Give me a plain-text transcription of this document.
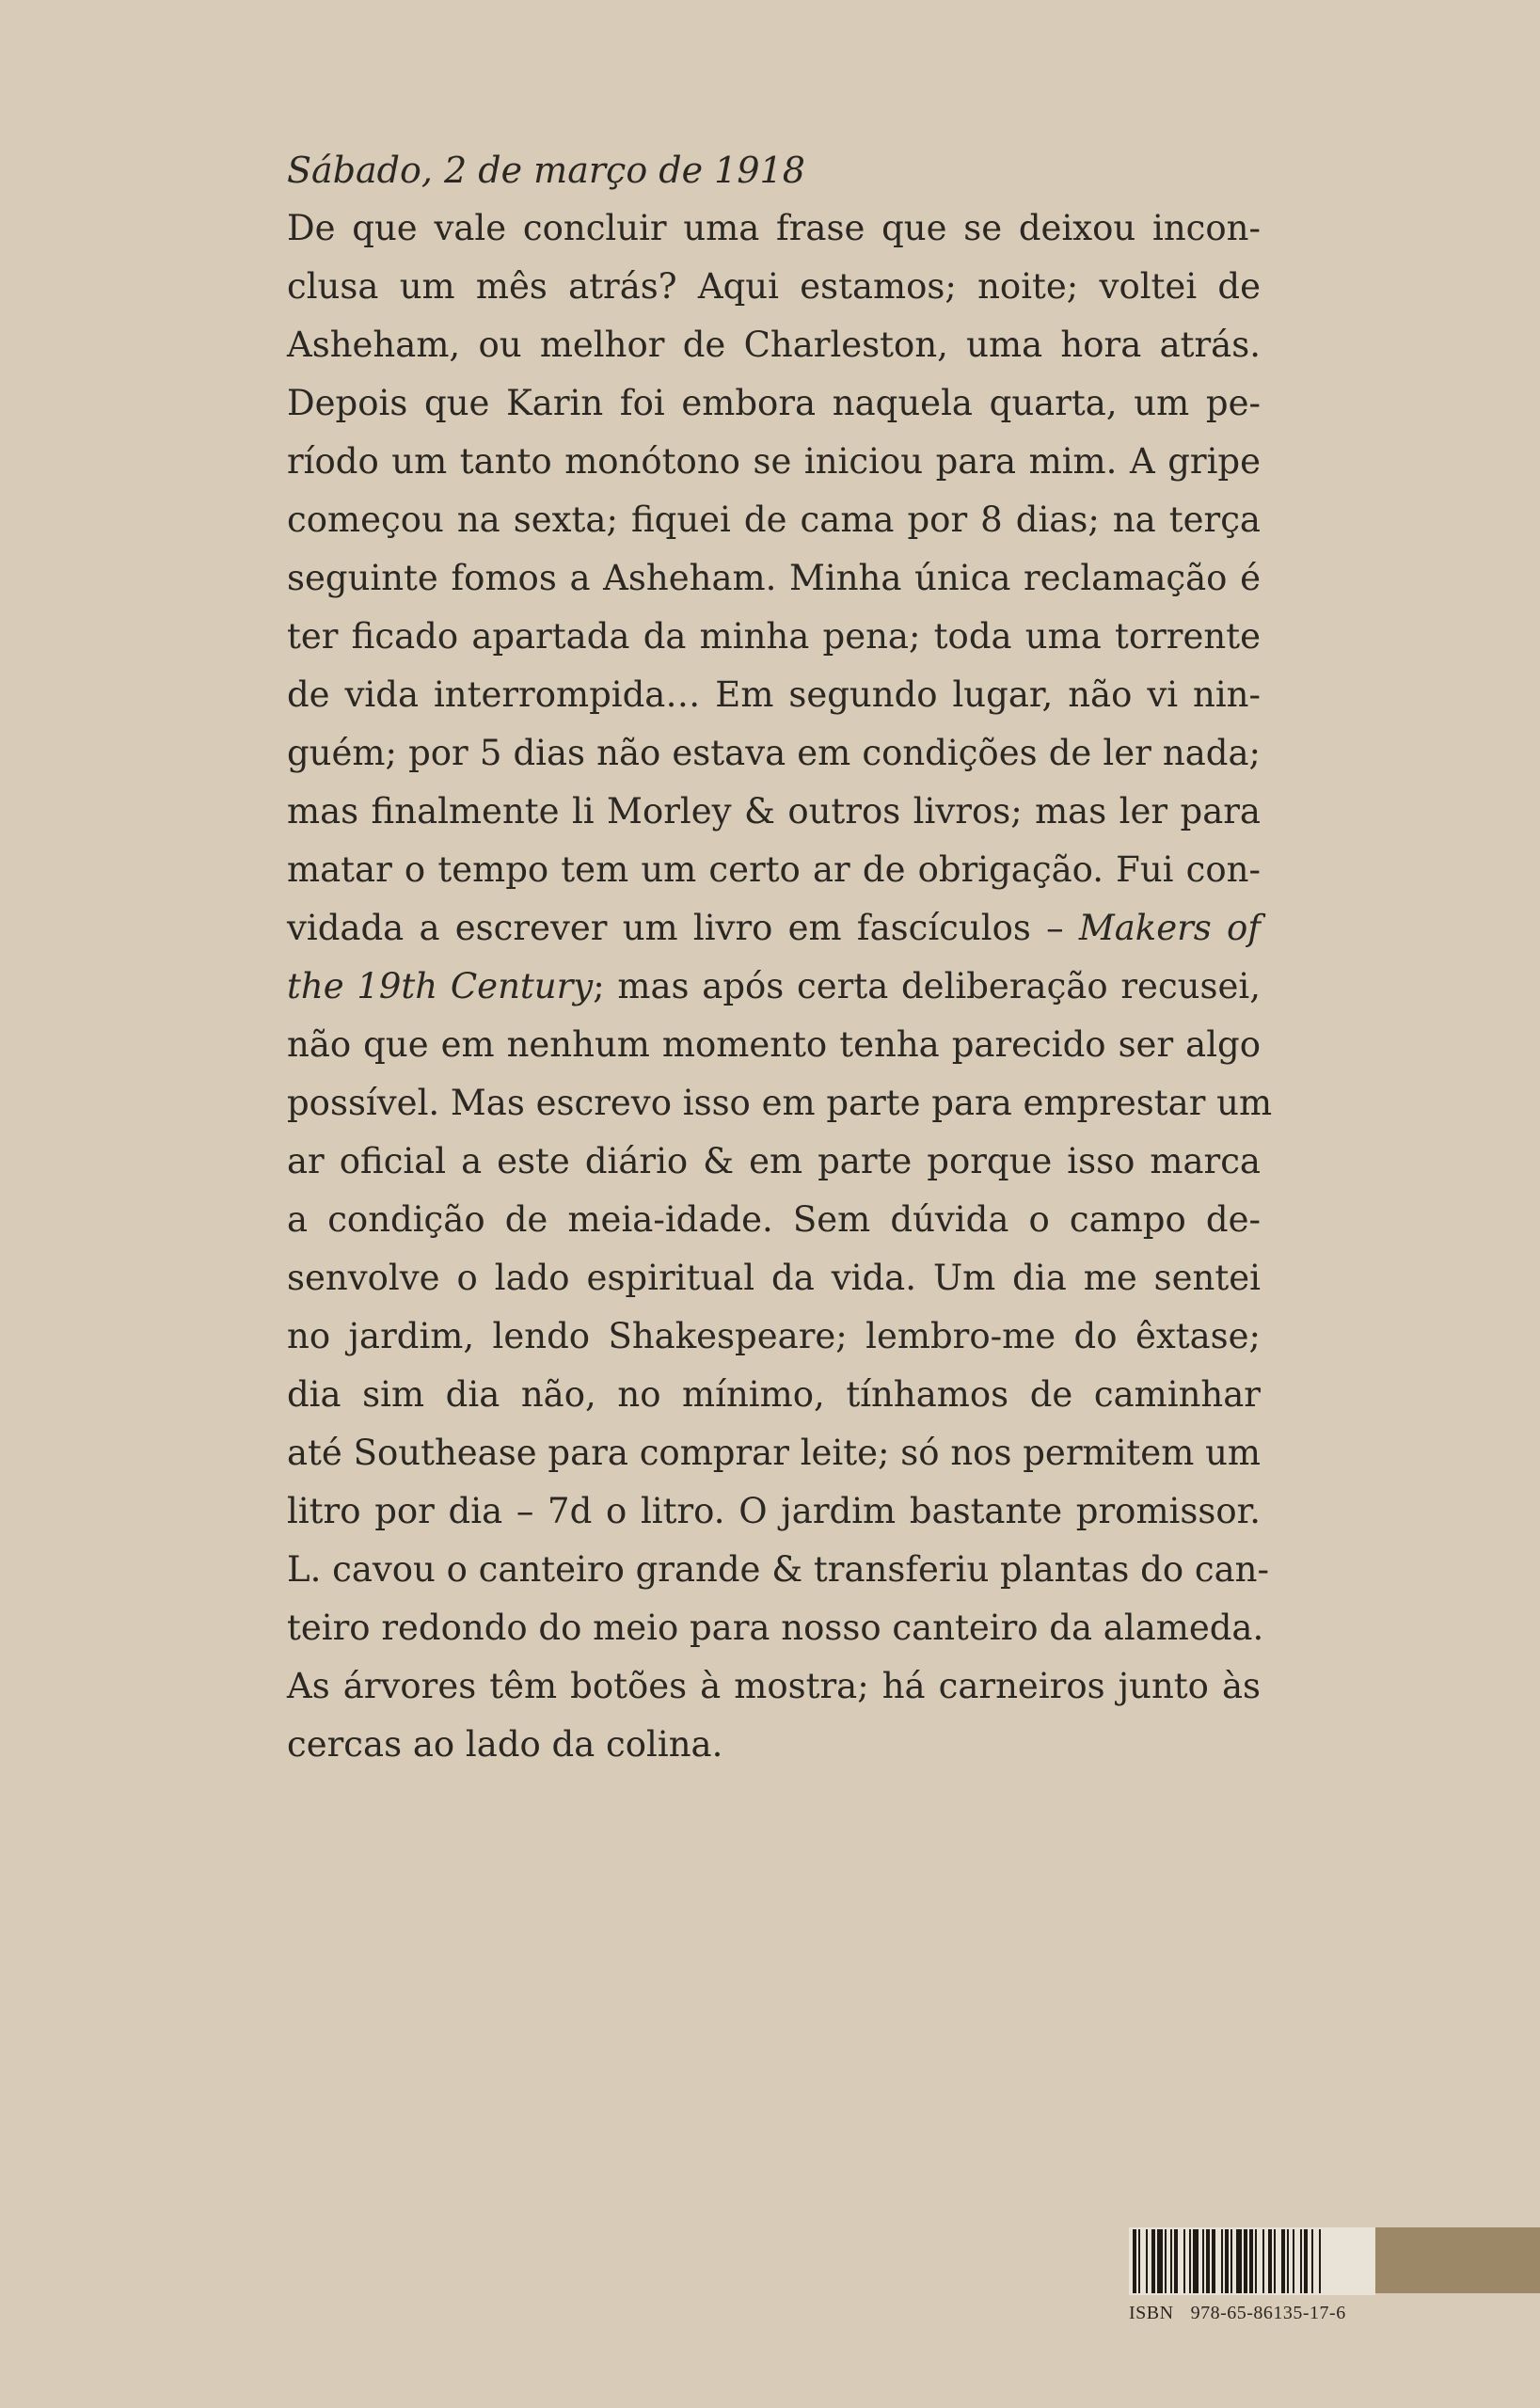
Sábado, 2 de março de 1918

De que vale concluir uma frase que se deixou incon-

clusa um mês atrás? Aqui estamos; noite; voltei de

Asheham, ou melhor de Charleston, uma hora atrás.

Depois que Karin foi embora naquela quarta, um pe-

ríodo um tanto monótono se iniciou para mim. A gripe

começou na sexta; fiquei de cama por 8 dias; na terça

seguinte fomos a Asheham. Minha única reclamação é

ter ficado apartada da minha pena; toda uma torrente

de vida interrompida… Em segundo lugar, não vi nin-

guém; por 5 dias não estava em condições de ler nada;

mas finalmente li Morley & outros livros; mas ler para

matar o tempo tem um certo ar de obrigação. Fui con-

vidada a escrever um livro em fascículos – Makers of

the 19th Century; mas após certa deliberação recusei,

não que em nenhum momento tenha parecido ser algo

possível. Mas escrevo isso em parte para emprestar um

ar oficial a este diário & em parte porque isso marca

a condição de meia-idade. Sem dúvida o campo de-

senvolve o lado espiritual da vida. Um dia me sentei

no jardim, lendo Shakespeare; lembro-me do êxtase;

dia sim dia não, no mínimo, tínhamos de caminhar

até Southease para comprar leite; só nos permitem um

litro por dia – 7d o litro. O jardim bastante promissor.

L. cavou o canteiro grande & transferiu plantas do can-

teiro redondo do meio para nosso canteiro da alameda.

As árvores têm botões à mostra; há carneiros junto às

cercas ao lado da colina.

ISBN 978-65-86135-17-6
